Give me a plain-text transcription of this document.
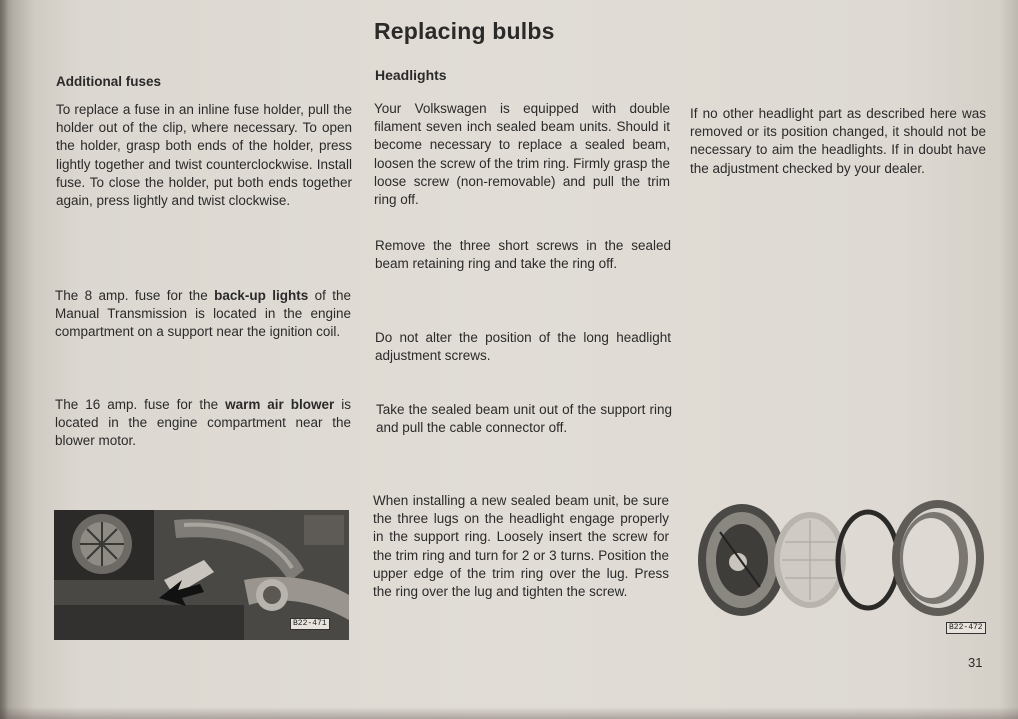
Replacing bulbs
Additional fuses
To replace a fuse in an inline fuse holder, pull the holder out of the clip, where necessary. To open the holder, grasp both ends of the holder, press lightly together and twist counterclockwise. Install fuse. To close the holder, put both ends together again, press lightly and twist clockwise.
The 8 amp. fuse for the back-up lights of the Manual Transmission is located in the engine compartment on a support near the ignition coil.
The 16 amp. fuse for the warm air blower is located in the engine compartment near the blower motor.
B22-471
Headlights
Your Volkswagen is equipped with double filament seven inch sealed beam units. Should it become necessary to replace a sealed beam, loosen the screw of the trim ring. Firmly grasp the loose screw (non-removable) and pull the trim ring off.
Remove the three short screws in the sealed beam retaining ring and take the ring off.
Do not alter the position of the long headlight adjustment screws.
Take the sealed beam unit out of the support ring and pull the cable connector off.
When installing a new sealed beam unit, be sure the three lugs on the headlight engage properly in the support ring. Loosely insert the screw for the trim ring and turn for 2 or 3 turns. Position the upper edge of the trim ring over the lug. Press the ring over the lug and tighten the screw.
If no other headlight part as described here was removed or its position changed, it should not be necessary to aim the headlights. If in doubt have the adjustment checked by your dealer.
B22-472
31
